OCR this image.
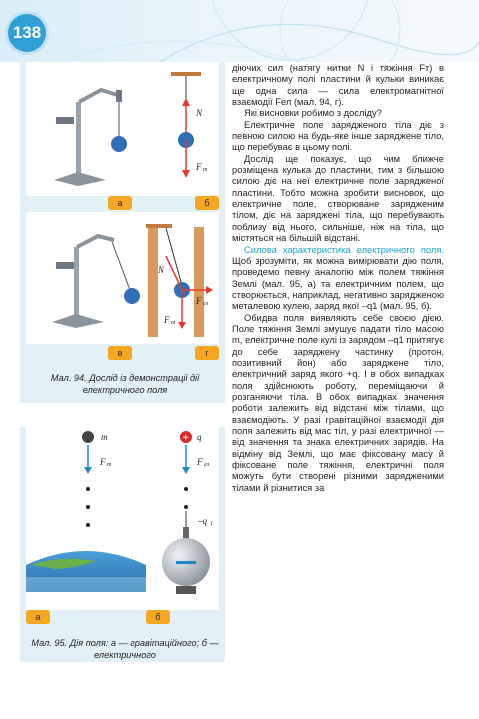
138
N
F т
а	б
N
F ел
F т
в	г
Мал. 94. Дослід із демонстрації дії електричного поля
+
m
F т
q
F ел
–q 1
а	б
Мал. 95. Дія поля: а — гравітаційного; б — електричного

діючих сил (натягу нитки N і тяжіння Fт) в електричному полі пластини й кульки виникає ще одна сила — сила електромагнітної взаємодії Fел (мал. 94, г).

Які висновки робимо з досліду?

Електричне поле зарядженого тіла діє з певною силою на будь-яке інше заряджене тіло, що перебуває в цьому полі.

Дослід ще показує, що чим ближче розміщена кулька до пластини, тим з більшою силою діє на неї електричне поле зарядженої пластини. Тобто можна зробити висновок, що електричне поле, створюване зарядженим тілом, діє на заряджені тіла, що перебувають поблизу від нього, сильніше, ніж на тіла, що містяться на більшій відстані.

Силова характеристика електричного поля. Щоб зрозуміти, як можна вимірювати дію поля, проведемо певну аналогію між полем тяжіння Землі (мал. 95, а) та електричним полем, що створюється, наприклад, негативно зарядженою металевою кулею, заряд якої –q1 (мал. 95, б).

Обидва поля виявляють себе своєю дією. Поле тяжіння Землі змушує падати тіло масою m, електричне поле кулі із зарядом –q1 притягує до себе заряджену частинку (протон, позитивний йон) або заряджене тіло, електричний заряд якого +q. І в обох випадках поля здійснюють роботу, переміщаючи й розганяючи тіла. В обох випадках значення роботи залежить від відстані між тілами, що взаємодіють. У разі гравітаційної взаємодії дія поля залежить від мас тіл, у разі електричної — від значення та знака електричних зарядів. На відміну від Землі, що має фіксовану масу й фіксоване поле тяжіння, електричні поля можуть бути створені різними зарядженими тілами й різнитися за
